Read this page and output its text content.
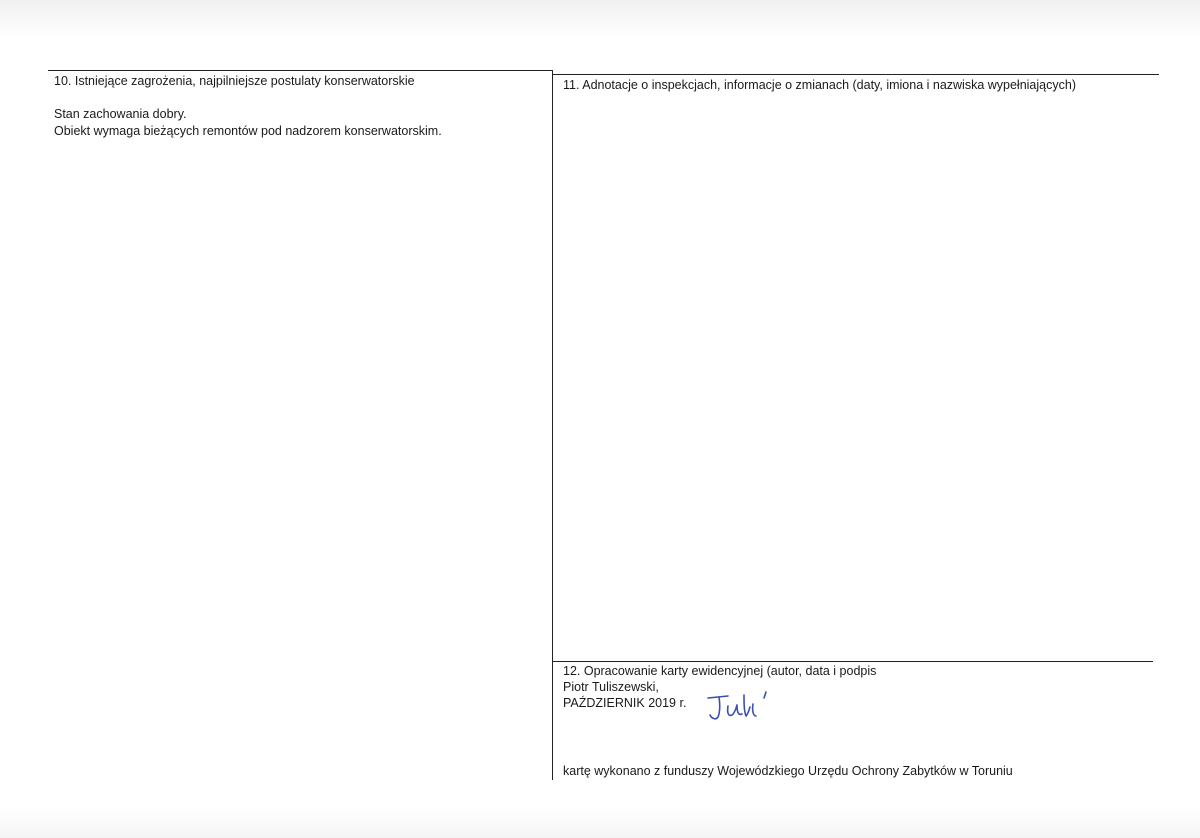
10. Istniejące zagrożenia, najpilniejsze postulaty konserwatorskie
Stan zachowania dobry.
Obiekt wymaga bieżących remontów pod nadzorem konserwatorskim.
11. Adnotacje o inspekcjach, informacje o zmianach (daty, imiona i nazwiska wypełniających)
12. Opracowanie karty ewidencyjnej (autor, data i podpis
Piotr Tuliszewski,
PAŹDZIERNIK 2019 r.
kartę wykonano z funduszy Wojewódzkiego Urzędu Ochrony Zabytków w Toruniu
